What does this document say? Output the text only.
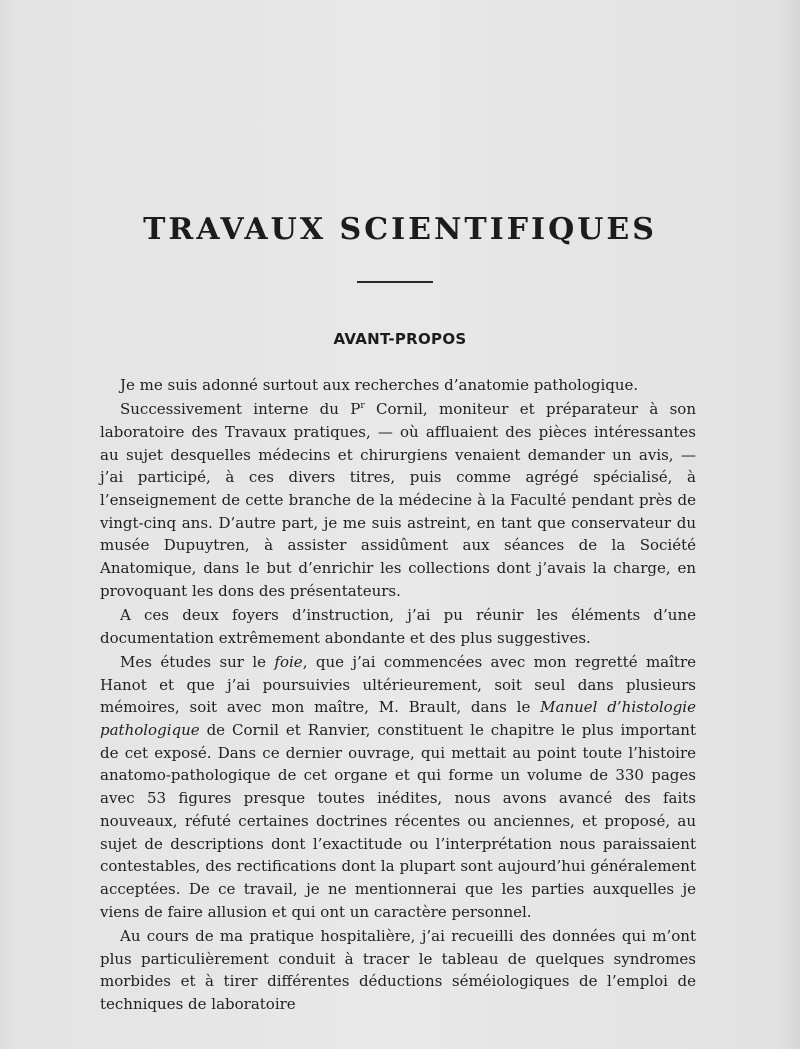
TRAVAUX SCIENTIFIQUES
AVANT-PROPOS

Je me suis adonné surtout aux recherches d’anatomie pathologique.

Successivement interne du $P^r$ Cornil, moniteur et préparateur à son laboratoire des Travaux pratiques, — où affluaient des pièces intéressantes au sujet desquelles médecins et chirurgiens venaient demander un avis, — j’ai participé, à ces divers titres, puis comme agrégé spécialisé, à l’enseignement de cette branche de la médecine à la Faculté pendant près de vingt-cinq ans. D’autre part, je me suis astreint, en tant que conservateur du musée Dupuytren, à assister assidûment aux séances de la Société Anatomique, dans le but d’enrichir les collections dont j’avais la charge, en provoquant les dons des présentateurs.

A ces deux foyers d’instruction, j’ai pu réunir les éléments d’une documentation extrêmement abondante et des plus suggestives.

Mes études sur le foie, que j’ai commencées avec mon regretté maître Hanot et que j’ai poursuivies ultérieurement, soit seul dans plusieurs mémoires, soit avec mon maître, M. Brault, dans le Manuel d’histologie pathologique de Cornil et Ranvier, constituent le chapitre le plus important de cet exposé. Dans ce dernier ouvrage, qui mettait au point toute l’histoire anatomo-pathologique de cet organe et qui forme un volume de 330 pages avec 53 figures presque toutes inédites, nous avons avancé des faits nouveaux, réfuté certaines doctrines récentes ou anciennes, et proposé, au sujet de descriptions dont l’exactitude ou l’interprétation nous paraissaient contestables, des rectifications dont la plupart sont aujourd’hui généralement acceptées. De ce travail, je ne mentionnerai que les parties auxquelles je viens de faire allusion et qui ont un caractère personnel.

Au cours de ma pratique hospitalière, j’ai recueilli des données qui m’ont plus particulièrement conduit à tracer le tableau de quelques syndromes morbides et à tirer différentes déductions séméiologiques de l’emploi de techniques de laboratoire
